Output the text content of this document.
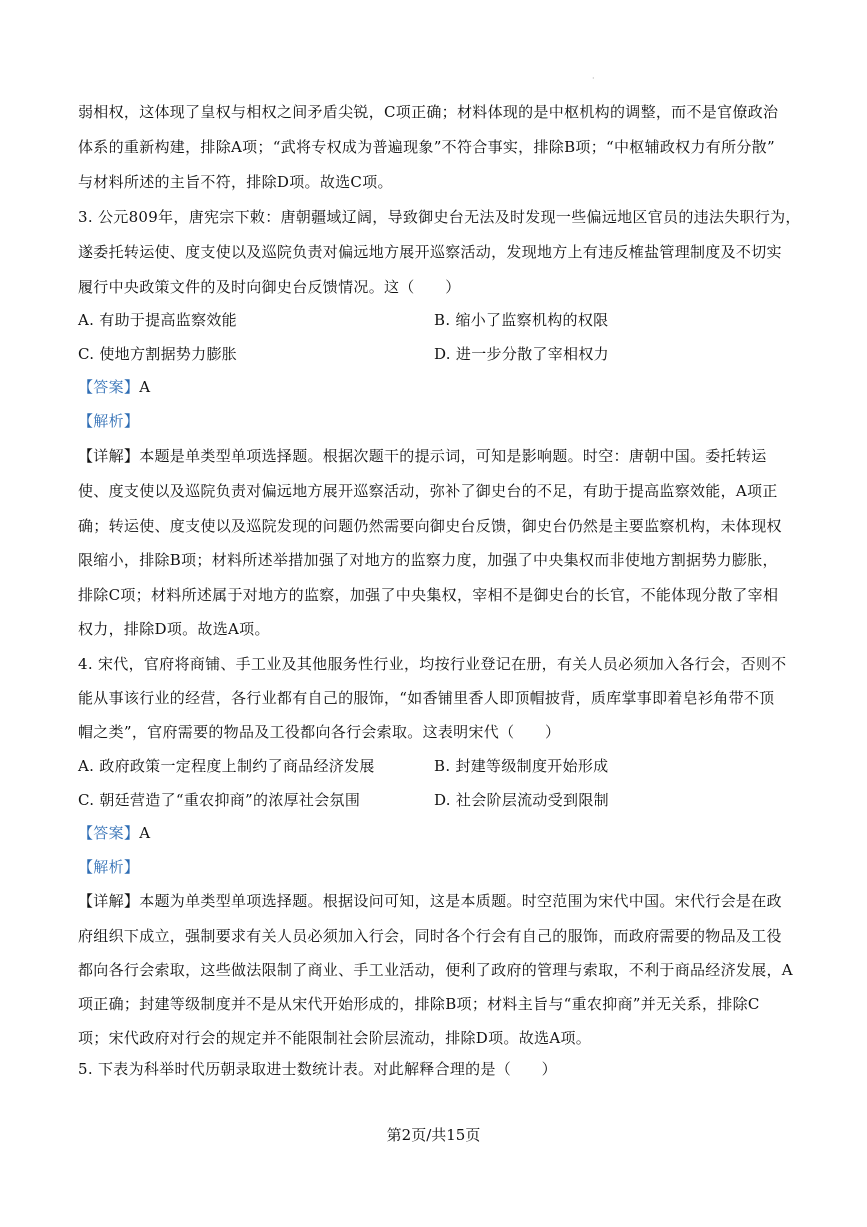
·
弱相权，这体现了皇权与相权之间矛盾尖锐，C项正确；材料体现的是中枢机构的调整，而不是官僚政治
体系的重新构建，排除A项；“武将专权成为普遍现象”不符合事实，排除B项；“中枢辅政权力有所分散”
与材料所述的主旨不符，排除D项。故选C项。
3. 公元809年，唐宪宗下敕：唐朝疆域辽阔，导致御史台无法及时发现一些偏远地区官员的违法失职行为，
遂委托转运使、度支使以及巡院负责对偏远地方展开巡察活动，发现地方上有违反榷盐管理制度及不切实
履行中央政策文件的及时向御史台反馈情况。这（　　）
A. 有助于提高监察效能	B. 缩小了监察机构的权限
C. 使地方割据势力膨胀	D. 进一步分散了宰相权力
【答案】A
【解析】
【详解】本题是单类型单项选择题。根据次题干的提示词，可知是影响题。时空：唐朝中国。委托转运
使、度支使以及巡院负责对偏远地方展开巡察活动，弥补了御史台的不足，有助于提高监察效能，A项正
确；转运使、度支使以及巡院发现的问题仍然需要向御史台反馈，御史台仍然是主要监察机构，未体现权
限缩小，排除B项；材料所述举措加强了对地方的监察力度，加强了中央集权而非使地方割据势力膨胀，
排除C项；材料所述属于对地方的监察，加强了中央集权，宰相不是御史台的长官，不能体现分散了宰相
权力，排除D项。故选A项。
4. 宋代，官府将商铺、手工业及其他服务性行业，均按行业登记在册，有关人员必须加入各行会，否则不
能从事该行业的经营，各行业都有自己的服饰，“如香铺里香人即顶帽披背，质库掌事即着皂衫角带不顶
帽之类”，官府需要的物品及工役都向各行会索取。这表明宋代（　　）
A. 政府政策一定程度上制约了商品经济发展	B. 封建等级制度开始形成
C. 朝廷营造了“重农抑商”的浓厚社会氛围	D. 社会阶层流动受到限制
【答案】A
【解析】
【详解】本题为单类型单项选择题。根据设问可知，这是本质题。时空范围为宋代中国。宋代行会是在政
府组织下成立，强制要求有关人员必须加入行会，同时各个行会有自己的服饰，而政府需要的物品及工役
都向各行会索取，这些做法限制了商业、手工业活动，便利了政府的管理与索取，不利于商品经济发展，A
项正确；封建等级制度并不是从宋代开始形成的，排除B项；材料主旨与“重农抑商”并无关系，排除C
项；宋代政府对行会的规定并不能限制社会阶层流动，排除D项。故选A项。
5. 下表为科举时代历朝录取进士数统计表。对此解释合理的是（　　）
第2页/共15页
